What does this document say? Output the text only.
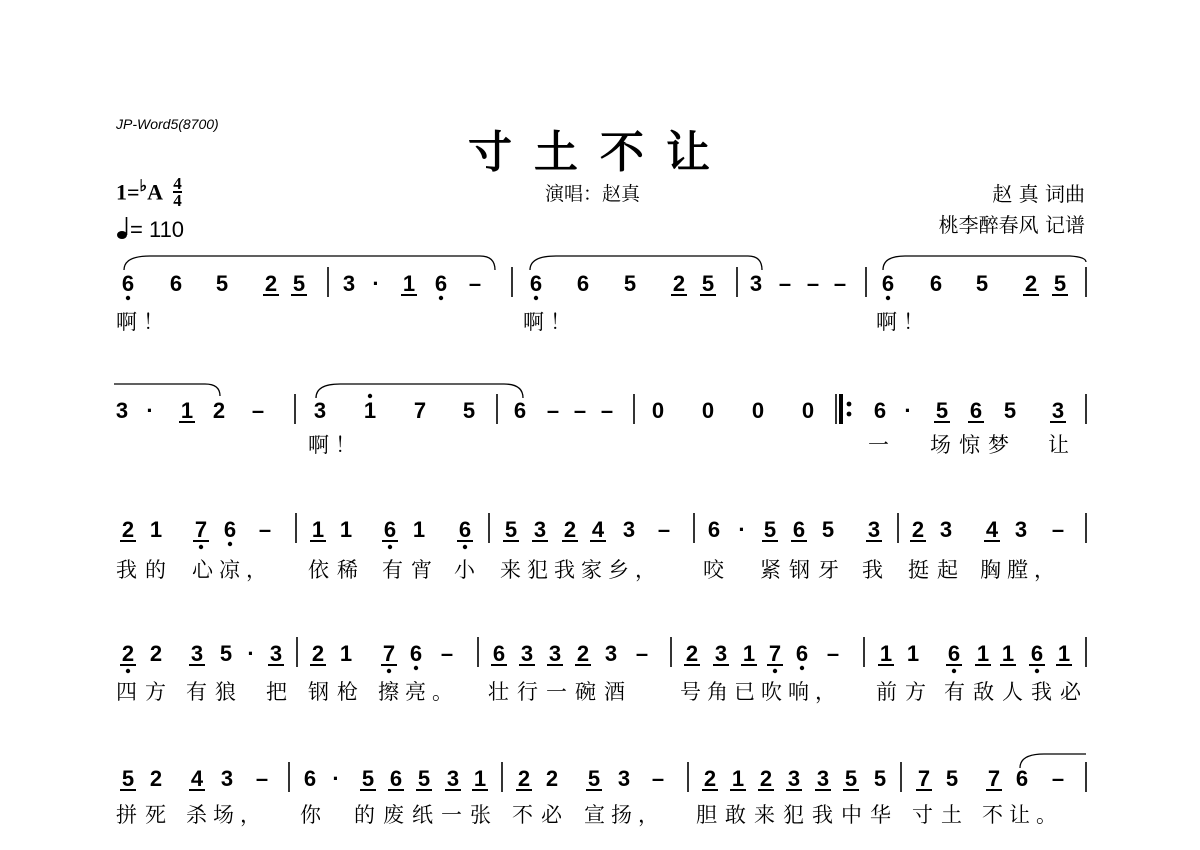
JP-Word5(8700)
寸土不让
演唱：赵真	赵 真 词曲
桃李醉春风 记谱
$1=^♭A \frac{4}{4}$
= 110
6 6 5 2 5 3 · 1 6 – 6 6 5 2 5 3 – – – 6 6 5 2 5
啊！	啊！	啊！
3 · 1 2 – 3 1 7 5 6 – – – 0 0 0 0	6 · 5 6 5 3
啊！	一 场惊梦 让
2 1 7 6 – 1 1 6 1 6 5 3 2 4 3 – 6 · 5 6 5 3 2 3 4 3 –
我的 心凉， 依稀 有宵 小 来犯我家乡， 咬 紧钢牙 我 挺起 胸膛，
2 2 3 5 · 3 2 1 7 6 – 6 3 3 2 3 – 2 3 1 7 6 – 1 1 6 1 1 6 1
四方 有狼 把 钢枪 擦亮。 壮行一碗酒 号角已吹响， 前方 有敌人我必
5 2 4 3 – 6 · 5 6 5 3 1 2 2 5 3 – 2 1 2 3 3 5 5 7 5 7 6 –
拼死 杀场， 你 的废纸一张 不必 宣扬， 胆敢来犯我中华 寸土 不让。
